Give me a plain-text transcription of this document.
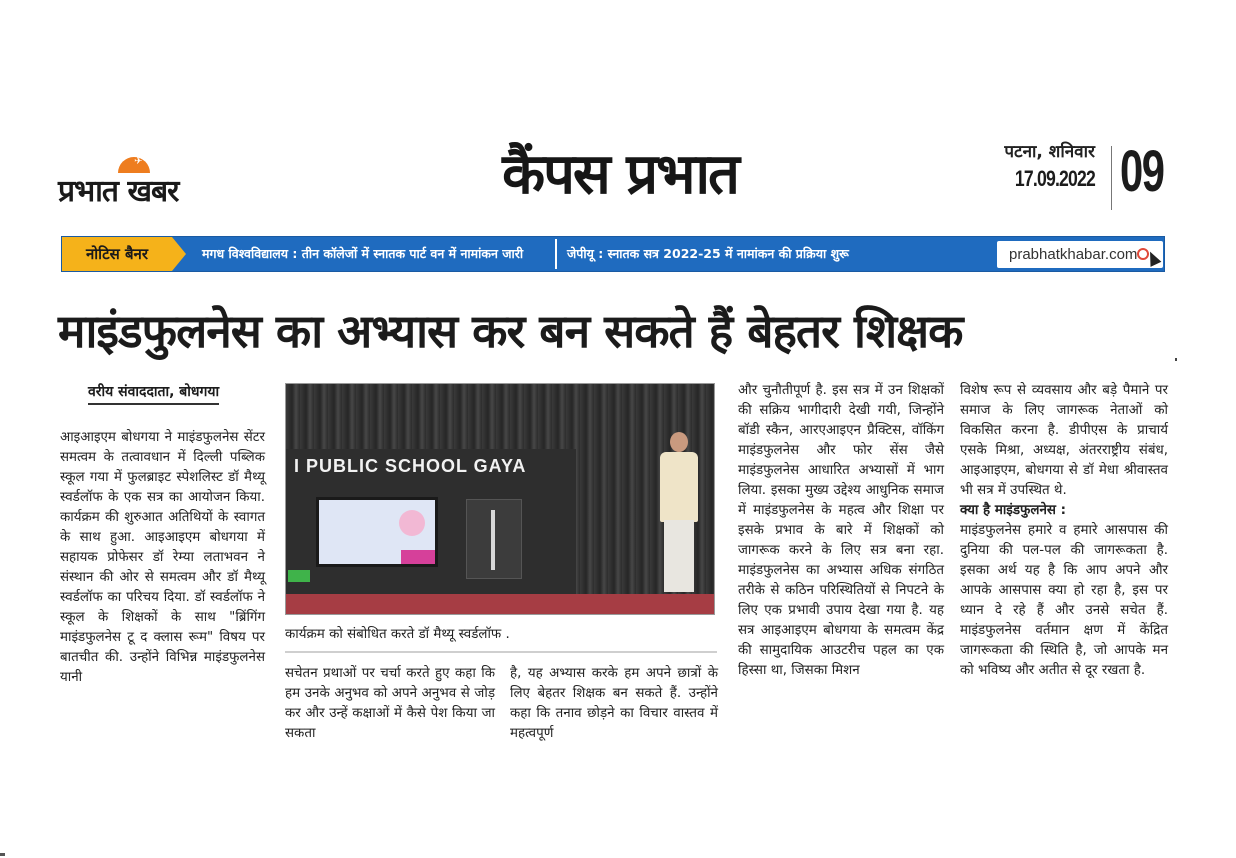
✈
प्रभात खबर	कैंपस प्रभात	पटना, शनिवार
17.09.2022 09
नोटिस बैनर	मगध विश्वविद्यालय : तीन कॉलेजों में स्नातक पार्ट वन में नामांकन जारी	जेपीयू : स्नातक सत्र 2022-25 में नामांकन की प्रक्रिया शुरू	prabhatkhabar.com
माइंडफुलनेस का अभ्यास कर बन सकते हैं बेहतर शिक्षक
वरीय संवाददाता, बोधगया

आइआइएम बोधगया ने माइंडफुलनेस सेंटर समत्वम के तत्वावधान में दिल्ली पब्लिक स्कूल गया में फुलब्राइट स्पेशलिस्ट डॉ मैथ्यू स्वर्डलॉफ के एक सत्र का आयोजन किया. कार्यक्रम की शुरुआत अतिथियों के स्वागत के साथ हुआ. आइआइएम बोधगया में सहायक प्रोफेसर डॉ रेम्या लताभवन ने संस्थान की ओर से समत्वम और डॉ मैथ्यू स्वर्डलॉफ का परिचय दिया. डॉ स्वर्डलॉफ ने स्कूल के शिक्षकों के साथ "ब्रिंगिंग माइंडफुलनेस टू द क्लास रूम" विषय पर बातचीत की. उन्होंने विभिन्न माइंडफुलनेस यानी

I PUBLIC SCHOOL GAYA
कार्यक्रम को संबोधित करते डॉ मैथ्यू स्वर्डलॉफ .

सचेतन प्रथाओं पर चर्चा करते हुए कहा कि हम उनके अनुभव को अपने अनुभव से जोड़ कर और उन्हें कक्षाओं में कैसे पेश किया जा सकता

है, यह अभ्यास करके हम अपने छात्रों के लिए बेहतर शिक्षक बन सकते हैं. उन्होंने कहा कि तनाव छोड़ने का विचार वास्तव में महत्वपूर्ण

और चुनौतीपूर्ण है. इस सत्र में उन शिक्षकों की सक्रिय भागीदारी देखी गयी, जिन्होंने बॉडी स्कैन, आरएआइएन प्रैक्टिस, वॉकिंग माइंडफुलनेस और फोर सेंस जैसे माइंडफुलनेस आधारित अभ्यासों में भाग लिया. इसका मुख्य उद्देश्य आधुनिक समाज में माइंडफुलनेस के महत्व और शिक्षा पर इसके प्रभाव के बारे में शिक्षकों को जागरूक करने के लिए सत्र बना रहा. माइंडफुलनेस का अभ्यास अधिक संगठित तरीके से कठिन परिस्थितियों से निपटने के लिए एक प्रभावी उपाय देखा गया है. यह सत्र आइआइएम बोधगया के समत्वम केंद्र की सामुदायिक आउटरीच पहल का एक हिस्सा था, जिसका मिशन

विशेष रूप से व्यवसाय और बड़े पैमाने पर समाज के लिए जागरूक नेताओं को विकसित करना है. डीपीएस के प्राचार्य एसके मिश्रा, अध्यक्ष, अंतरराष्ट्रीय संबंध, आइआइएम, बोधगया से डॉ मेधा श्रीवास्तव भी सत्र में उपस्थित थे.

क्या है माइंडफुलनेस :

माइंडफुलनेस हमारे व हमारे आसपास की दुनिया की पल-पल की जागरूकता है. इसका अर्थ यह है कि आप अपने और आपके आसपास क्या हो रहा है, इस पर ध्यान दे रहे हैं और उनसे सचेत हैं. माइंडफुलनेस वर्तमान क्षण में केंद्रित जागरूकता की स्थिति है, जो आपके मन को भविष्य और अतीत से दूर रखता है.
